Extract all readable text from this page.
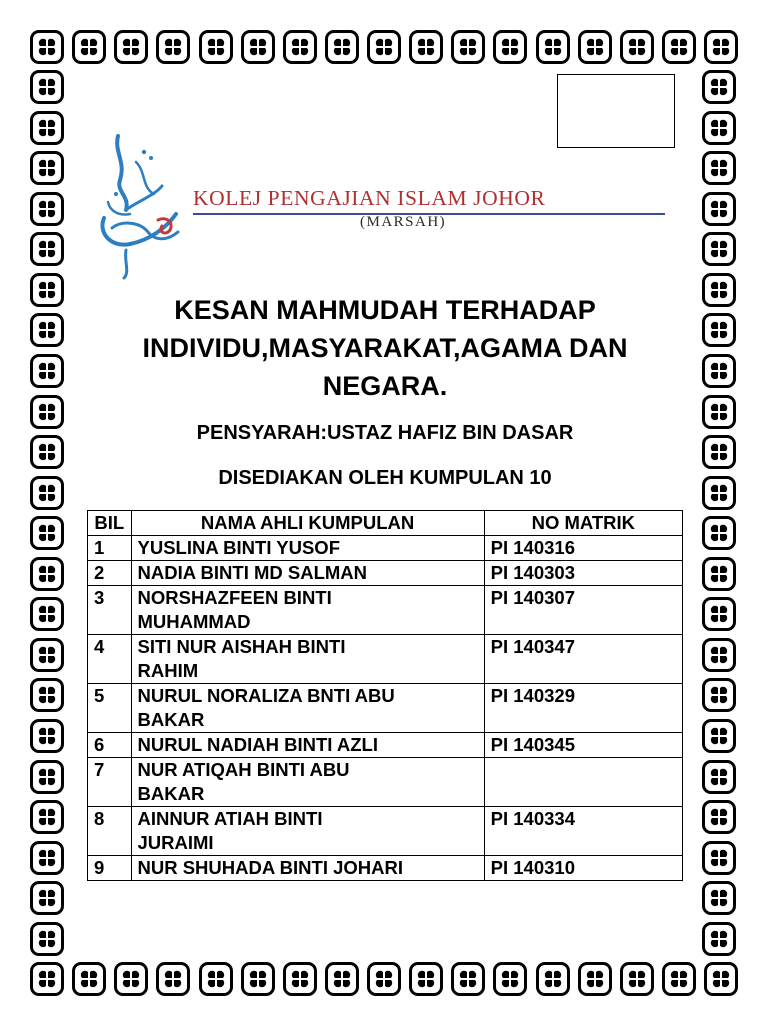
KOLEJ PENGAJIAN ISLAM JOHOR
(MARSAH)
KESAN MAHMUDAH TERHADAP
INDIVIDU,MASYARAKAT,AGAMA DAN
NEGARA.
PENSYARAH:USTAZ HAFIZ BIN DASAR
DISEDIAKAN OLEH KUMPULAN 10
BIL	NAMA AHLI KUMPULAN	NO MATRIK
1	YUSLINA BINTI YUSOF	PI 140316
2	NADIA BINTI MD SALMAN	PI 140303
3	NORSHAZFEEN BINTI
MUHAMMAD	PI 140307
4	SITI NUR AISHAH BINTI
RAHIM	PI 140347
5	NURUL NORALIZA BNTI ABU
BAKAR	PI 140329
6	NURUL NADIAH BINTI AZLI	PI 140345
7	NUR ATIQAH BINTI ABU
BAKAR	

8	AINNUR ATIAH BINTI
JURAIMI	PI 140334
9	NUR SHUHADA BINTI JOHARI	PI 140310
